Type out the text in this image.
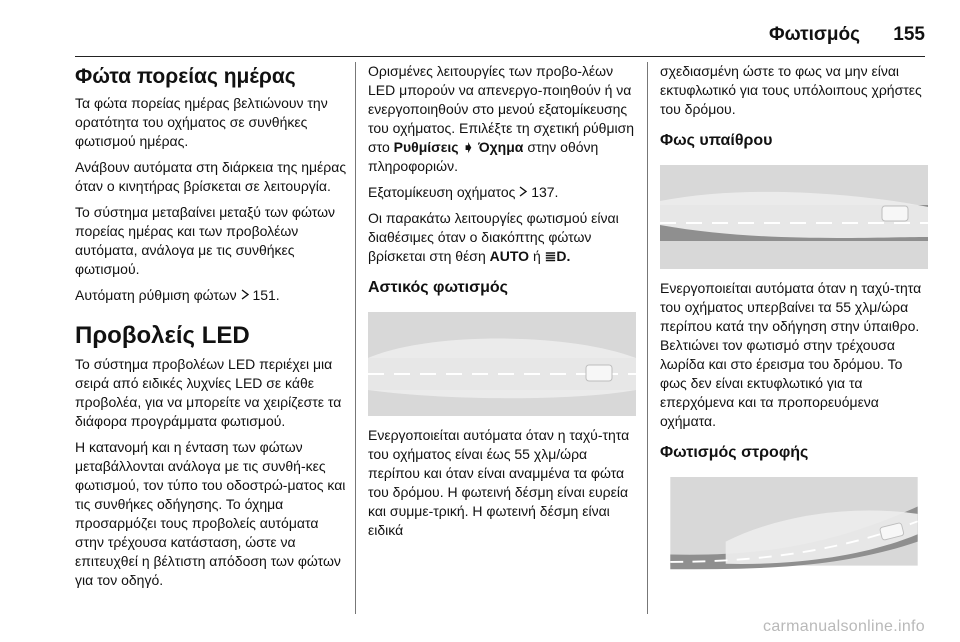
Φωτισμός 155
Φώτα πορείας ημέρας

Τα φώτα πορείας ημέρας βελτιώνουν την ορατότητα του οχήματος σε συνθήκες φωτισμού ημέρας.

Ανάβουν αυτόματα στη διάρκεια της ημέρας όταν ο κινητήρας βρίσκεται σε λειτουργία.

Το σύστημα μεταβαίνει μεταξύ των φώτων πορείας ημέρας και των προβολέων αυτόματα, ανάλογα με τις συνθήκες φωτισμού.

Αυτόματη ρύθμιση φώτων 151.

Προβολείς LED

Το σύστημα προβολέων LED περιέχει μια σειρά από ειδικές λυχνίες LED σε κάθε προβολέα, για να μπορείτε να χειρίζεστε τα διάφορα προγράμματα φωτισμού.

Η κατανομή και η ένταση των φώτων μεταβάλλονται ανάλογα με τις συνθή-κες φωτισμού, τον τύπο του οδοστρώ-ματος και τις συνθήκες οδήγησης. Το όχημα προσαρμόζει τους προβολείς αυτόματα στην τρέχουσα κατάσταση, ώστε να επιτευχθεί η βέλτιστη απόδοση των φώτων για τον οδηγό.

Ορισμένες λειτουργίες των προβο-λέων LED μπορούν να απενεργο-ποιηθούν ή να ενεργοποιηθούν στο μενού εξατομίκευσης του οχήματος. Επιλέξτε τη σχετική ρύθμιση στο Ρυθμίσεις ➧ Όχημα στην οθόνη πληροφοριών.

Εξατομίκευση οχήματος 137.

Οι παρακάτω λειτουργίες φωτισμού είναι διαθέσιμες όταν ο διακόπτης φώτων βρίσκεται στη θέση AUTO ή ≣D.

Αστικός φωτισμός

Ενεργοποιείται αυτόματα όταν η ταχύ-τητα του οχήματος είναι έως 55 χλμ/ώρα περίπου και όταν είναι αναμμένα τα φώτα του δρόμου. Η φωτεινή δέσμη είναι ευρεία και συμμε-τρική. Η φωτεινή δέσμη είναι ειδικά

σχεδιασμένη ώστε το φως να μην είναι εκτυφλωτικό για τους υπόλοιπους χρήστες του δρόμου.

Φως υπαίθρου

Ενεργοποιείται αυτόματα όταν η ταχύ-τητα του οχήματος υπερβαίνει τα 55 χλμ/ώρα περίπου κατά την οδήγηση στην ύπαιθρο. Βελτιώνει τον φωτισμό στην τρέχουσα λωρίδα και στο έρεισμα του δρόμου. Το φως δεν είναι εκτυφλωτικό για τα επερχόμενα και τα προπορευόμενα οχήματα.

Φωτισμός στροφής
carmanualsonline.info
